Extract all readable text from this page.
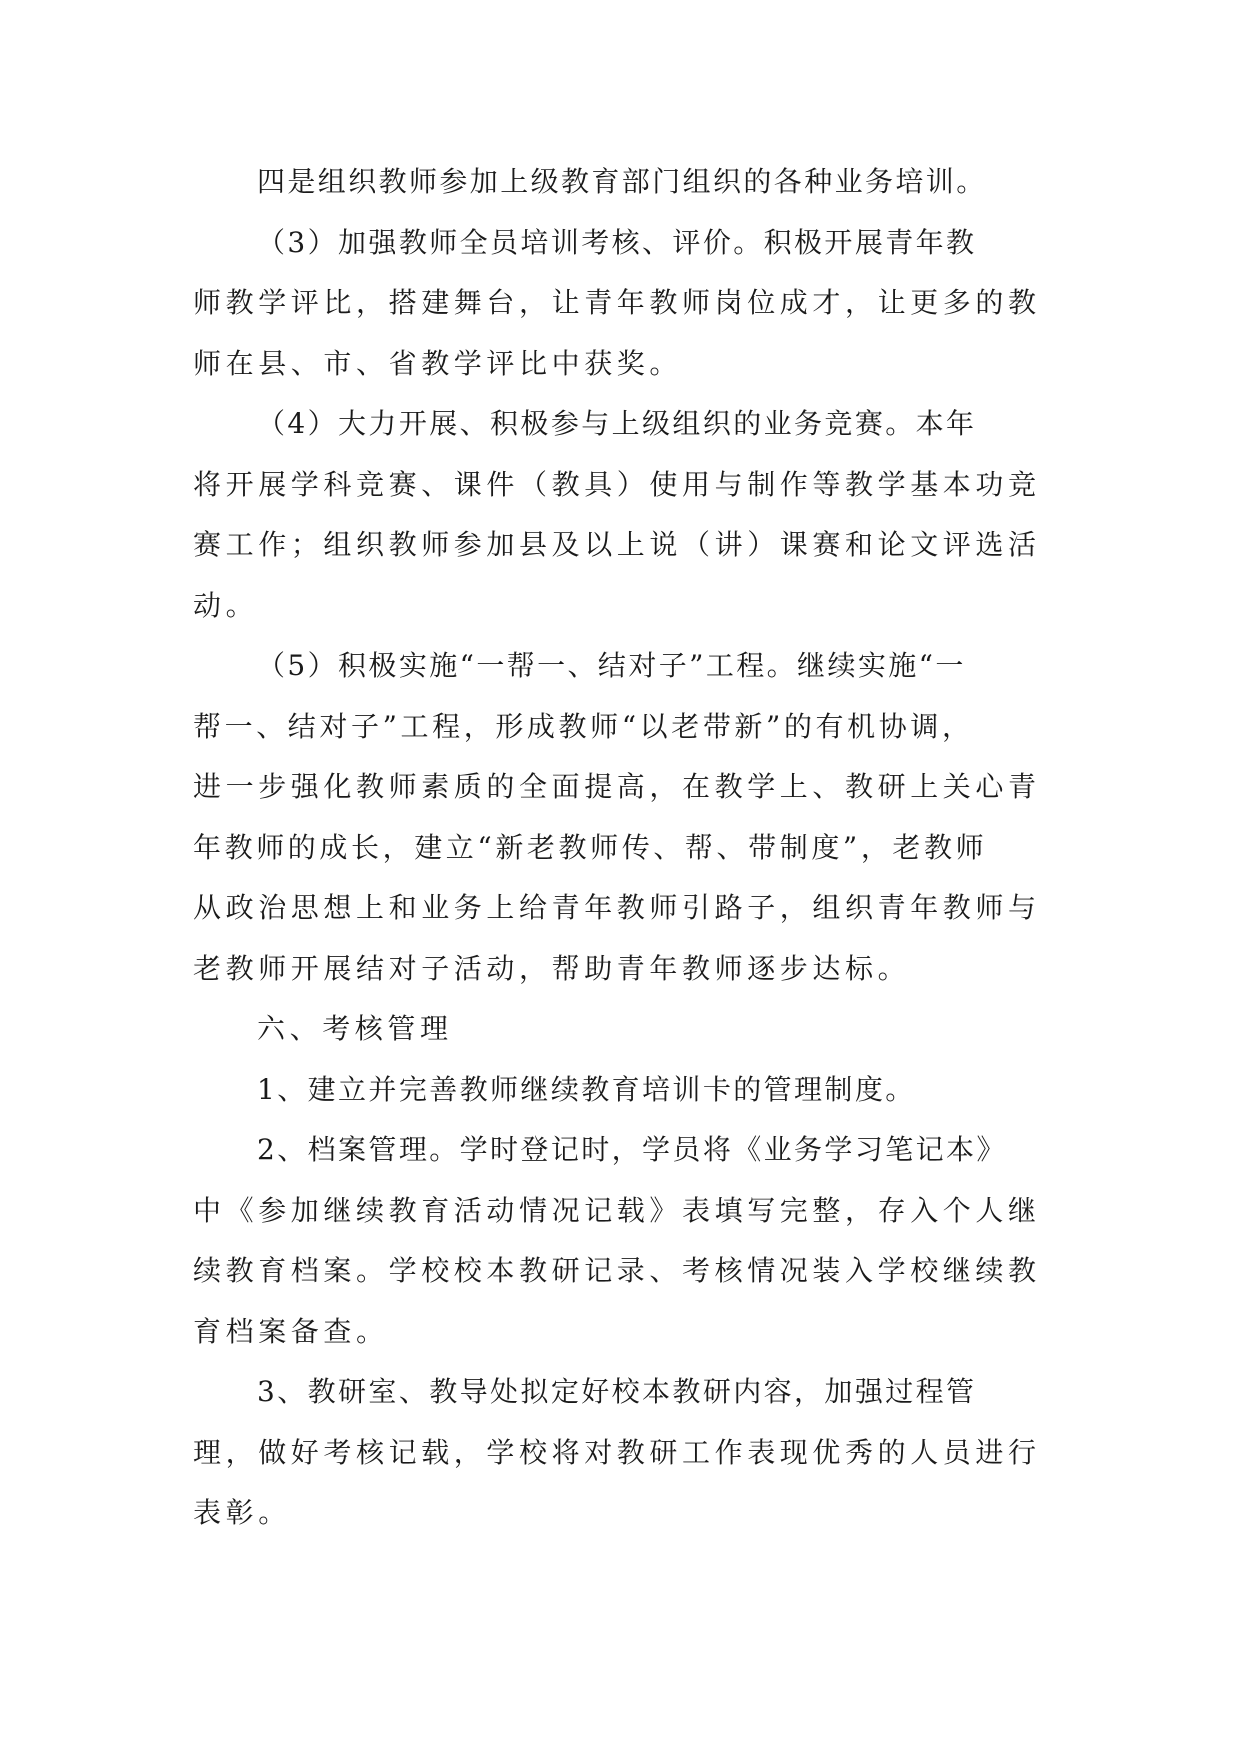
四是组织教师参加上级教育部门组织的各种业务培训。
（3）加强教师全员培训考核、评价。积极开展青年教
师教学评比，搭建舞台，让青年教师岗位成才，让更多的教
师在县、市、省教学评比中获奖。
（4）大力开展、积极参与上级组织的业务竞赛。本年
将开展学科竞赛、课件（教具）使用与制作等教学基本功竞
赛工作；组织教师参加县及以上说（讲）课赛和论文评选活
动。
（5）积极实施“一帮一、结对子”工程。继续实施“一
帮一、结对子”工程，形成教师“以老带新”的有机协调，
进一步强化教师素质的全面提高，在教学上、教研上关心青
年教师的成长，建立“新老教师传、帮、带制度”，老教师
从政治思想上和业务上给青年教师引路子，组织青年教师与
老教师开展结对子活动，帮助青年教师逐步达标。
六、考核管理
1、建立并完善教师继续教育培训卡的管理制度。
2、档案管理。学时登记时，学员将《业务学习笔记本》
中《参加继续教育活动情况记载》表填写完整，存入个人继
续教育档案。学校校本教研记录、考核情况装入学校继续教
育档案备查。
3、教研室、教导处拟定好校本教研内容，加强过程管
理，做好考核记载，学校将对教研工作表现优秀的人员进行
表彰。
